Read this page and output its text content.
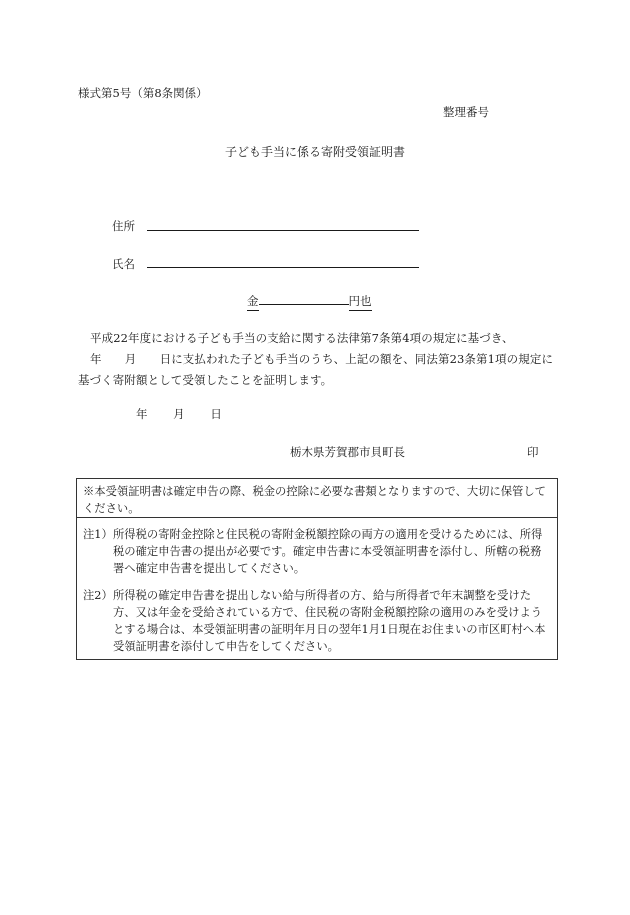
様式第5号（第8条関係）
整理番号
子ども手当に係る寄附受領証明書
住所
氏名
金	円也

平成22年度における子ども手当の支給に関する法律第7条第4項の規定に基づき、

年　　月　　日に支払われた子ども手当のうち、上記の額を、同法第23条第1項の規定に

基づく寄附額として受領したことを証明します。

年 月 日
栃木県芳賀郡市貝町長	印

※本受領証明書は確定申告の際、税金の控除に必要な書類となりますので、大切に保管してください。

注1） 所得税の寄附金控除と住民税の寄附金税額控除の両方の適用を受けるためには、所得税の確定申告書の提出が必要です。確定申告書に本受領証明書を添付し、所轄の税務署へ確定申告書を提出してください。
注2） 所得税の確定申告書を提出しない給与所得者の方、給与所得者で年末調整を受けた方、又は年金を受給されている方で、住民税の寄附金税額控除の適用のみを受けようとする場合は、本受領証明書の証明年月日の翌年1月1日現在お住まいの市区町村へ本受領証明書を添付して申告をしてください。
